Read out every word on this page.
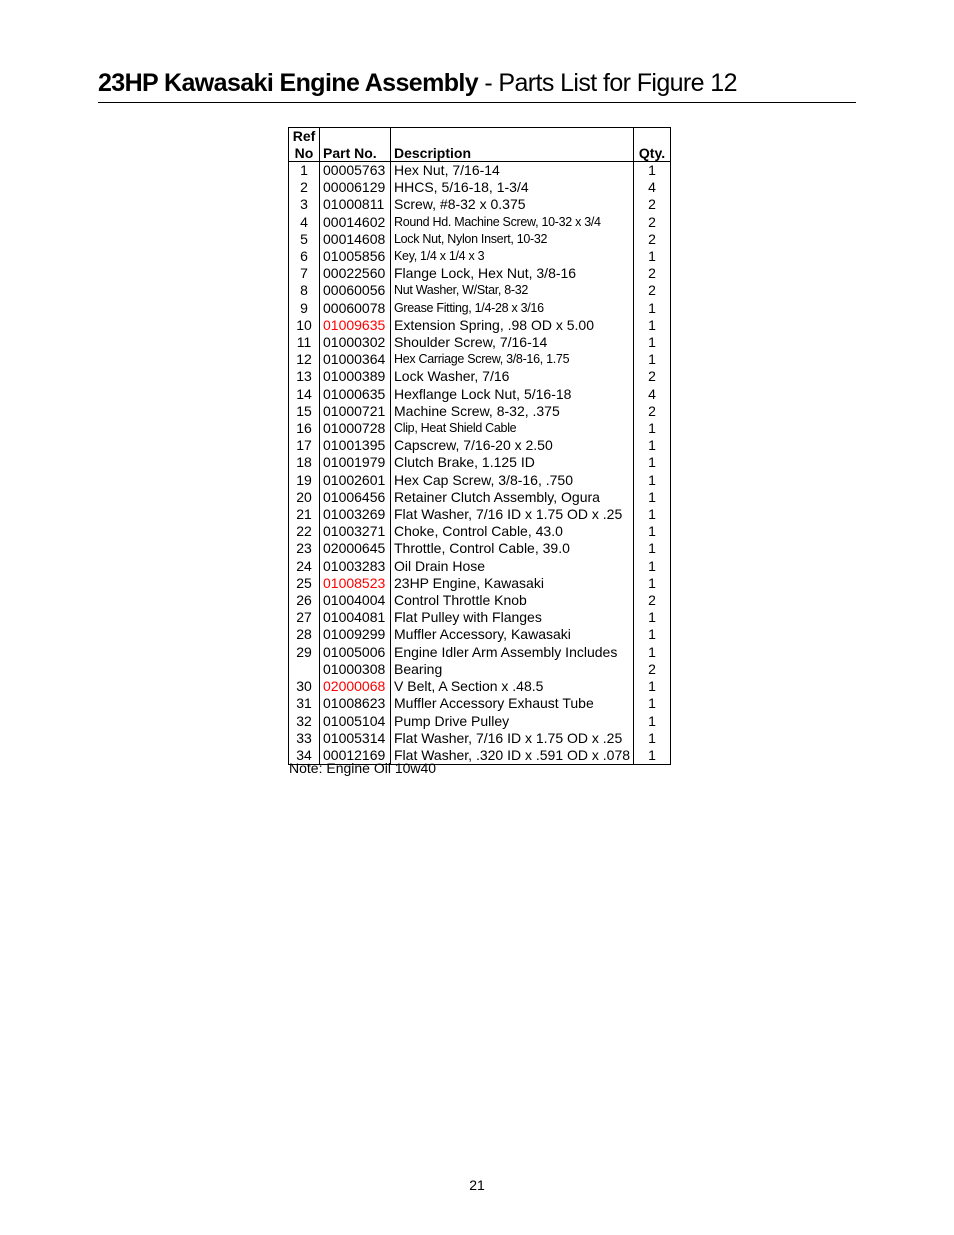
23HP Kawasaki Engine Assembly - Parts List for Figure 12
Ref
No	Part No.	Description	Qty.
1	00005763	Hex Nut, 7/16-14	1
2	00006129	HHCS, 5/16-18, 1-3/4	4
3	01000811	Screw, #8-32 x 0.375	2
4	00014602	Round Hd. Machine Screw, 10-32 x 3/4	2
5	00014608	Lock Nut, Nylon Insert, 10-32	2
6	01005856	Key, 1/4 x 1/4 x 3	1
7	00022560	Flange Lock, Hex Nut, 3/8-16	2
8	00060056	Nut Washer, W/Star, 8-32	2
9	00060078	Grease Fitting, 1/4-28 x 3/16	1
10	01009635	Extension Spring, .98 OD x 5.00	1
11	01000302	Shoulder Screw, 7/16-14	1
12	01000364	Hex Carriage Screw, 3/8-16, 1.75	1
13	01000389	Lock Washer, 7/16	2
14	01000635	Hexflange Lock Nut, 5/16-18	4
15	01000721	Machine Screw, 8-32, .375	2
16	01000728	Clip, Heat Shield Cable	1
17	01001395	Capscrew, 7/16-20 x 2.50	1
18	01001979	Clutch Brake, 1.125 ID	1
19	01002601	Hex Cap Screw, 3/8-16, .750	1
20	01006456	Retainer Clutch Assembly, Ogura	1
21	01003269	Flat Washer, 7/16 ID x 1.75 OD x .25	1
22	01003271	Choke, Control Cable, 43.0	1
23	02000645	Throttle, Control Cable, 39.0	1
24	01003283	Oil Drain Hose	1
25	01008523	23HP Engine, Kawasaki	1
26	01004004	Control Throttle Knob	2
27	01004081	Flat Pulley with Flanges	1
28	01009299	Muffler Accessory, Kawasaki	1
29	01005006	Engine Idler Arm Assembly Includes	1
	01000308	Bearing	2
30	02000068	V Belt, A Section x .48.5	1
31	01008623	Muffler Accessory Exhaust Tube	1
32	01005104	Pump Drive Pulley	1
33	01005314	Flat Washer, 7/16 ID x 1.75 OD x .25	1
34	00012169	Flat Washer, .320 ID x .591 OD x .078	1
Note: Engine Oil 10w40
21
